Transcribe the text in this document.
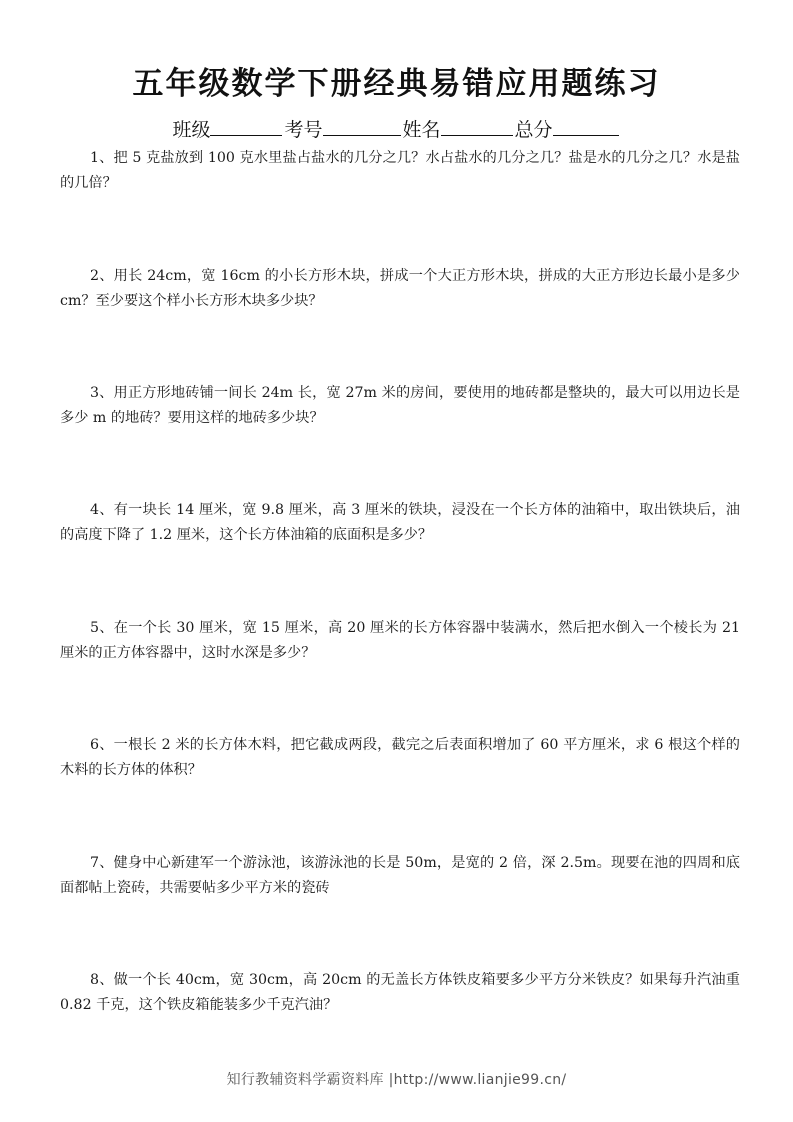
五年级数学下册经典易错应用题练习
班级	考号	姓名	总分
1、把 5 克盐放到 100 克水里盐占盐水的几分之几？水占盐水的几分之几？盐是水的几分之几？水是盐的几倍？
2、用长 24cm，宽 16cm 的小长方形木块，拼成一个大正方形木块，拼成的大正方形边长最小是多少 cm？至少要这个样小长方形木块多少块？
3、用正方形地砖铺一间长 24m 长，宽 27m 米的房间，要使用的地砖都是整块的，最大可以用边长是多少 m 的地砖？要用这样的地砖多少块？
4、有一块长 14 厘米，宽 9.8 厘米，高 3 厘米的铁块，浸没在一个长方体的油箱中，取出铁块后，油的高度下降了 1.2 厘米，这个长方体油箱的底面积是多少？
5、在一个长 30 厘米，宽 15 厘米，高 20 厘米的长方体容器中装满水，然后把水倒入一个棱长为 21 厘米的正方体容器中，这时水深是多少？
6、一根长 2 米的长方体木料，把它截成两段，截完之后表面积增加了 60 平方厘米，求 6 根这个样的木料的长方体的体积？
7、健身中心新建军一个游泳池，该游泳池的长是 50m，是宽的 2 倍，深 2.5m。现要在池的四周和底面都帖上瓷砖，共需要帖多少平方米的瓷砖
8、做一个长 40cm，宽 30cm，高 20cm 的无盖长方体铁皮箱要多少平方分米铁皮？如果每升汽油重 0.82 千克，这个铁皮箱能装多少千克汽油？
知行教辅资料学霸资料库 |http://www.lianjie99.cn/
